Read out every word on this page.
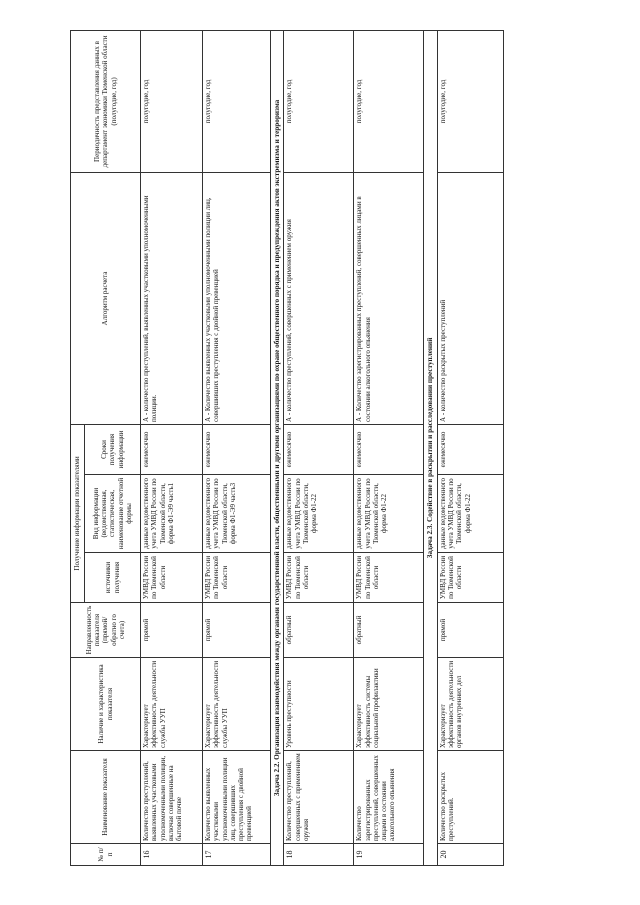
№ п/п	Наименование показателя	Наличие и характеристика показателя	Направленность показателя (прямой/обратно го счета)	Получение информации показателями			Алгоритм расчета	Периодичность представления данных в департамент экономики Тюменской области (полугодие, год)
				источники получения	Вид информации (ведомственная, статистическая, наименование отчетной формы	Сроки получения информации		
16	Количество преступлений, выявленных участковыми уполномоченными полиции, включая совершенные на бытовой почве	Характеризует эффективность деятельности службы УУП	прямой	УМВД России по Тюменской области	данные ведомственного учета УМВД России по Тюменской области, форма Ф1-Э9 часть1	ежемесячно	А - количество преступлений, выявленных участковыми уполномоченными полиции.	полугодие, год
17	Количество выявленных участковыми уполномоченными полиции лиц, совершивших преступления с двойной превенцией	Характеризует эффективность деятельности службы УУП	прямой	УМВД России по Тюменской области	данные ведомственного учета УМВД России по Тюменской области, форма Ф1-Э9 часть3	ежемесячно	А - Количество выявленных участковыми уполномоченными полиции лиц, совершивших преступления с двойной превенцией	полугодие, год
Задача 2.2. Организация взаимодействия между органами государственной власти, общественными и другими организациями по охране общественного порядка и предупреждения актов экстремизма и терроризма								
18	Количество преступлений, совершенных с применением оружия	Уровень преступности	обратный	УМВД России по Тюменской области	данные ведомственного учета УМВД России по Тюменской области, форма Ф1-22	ежемесячно	А - количество преступлений, совершенных с применением оружия	полугодие, год
19	Количество зарегистрированных преступлений, совершенных лицами в состоянии алкогольного опьянения	Характеризует эффективность системы социальной профилактики	обратный	УМВД России по Тюменской области	данные ведомственного учета УМВД России по Тюменской области, форма Ф1-22	ежемесячно	А - Количество зарегистрированных преступлений, совершенных лицами в состоянии алкогольного опьянения	полугодие, год
Задача 2.3. Содействие в раскрытии и расследовании преступлений								
20	Количество раскрытых преступлений.	Характеризует эффективность деятельности органов внутренних дел	прямой	УМВД России по Тюменской области	данные ведомственного учета УМВД России по Тюменской области, форма Ф1-22	ежемесячно	А - количество раскрытых преступлений	полугодие, год
